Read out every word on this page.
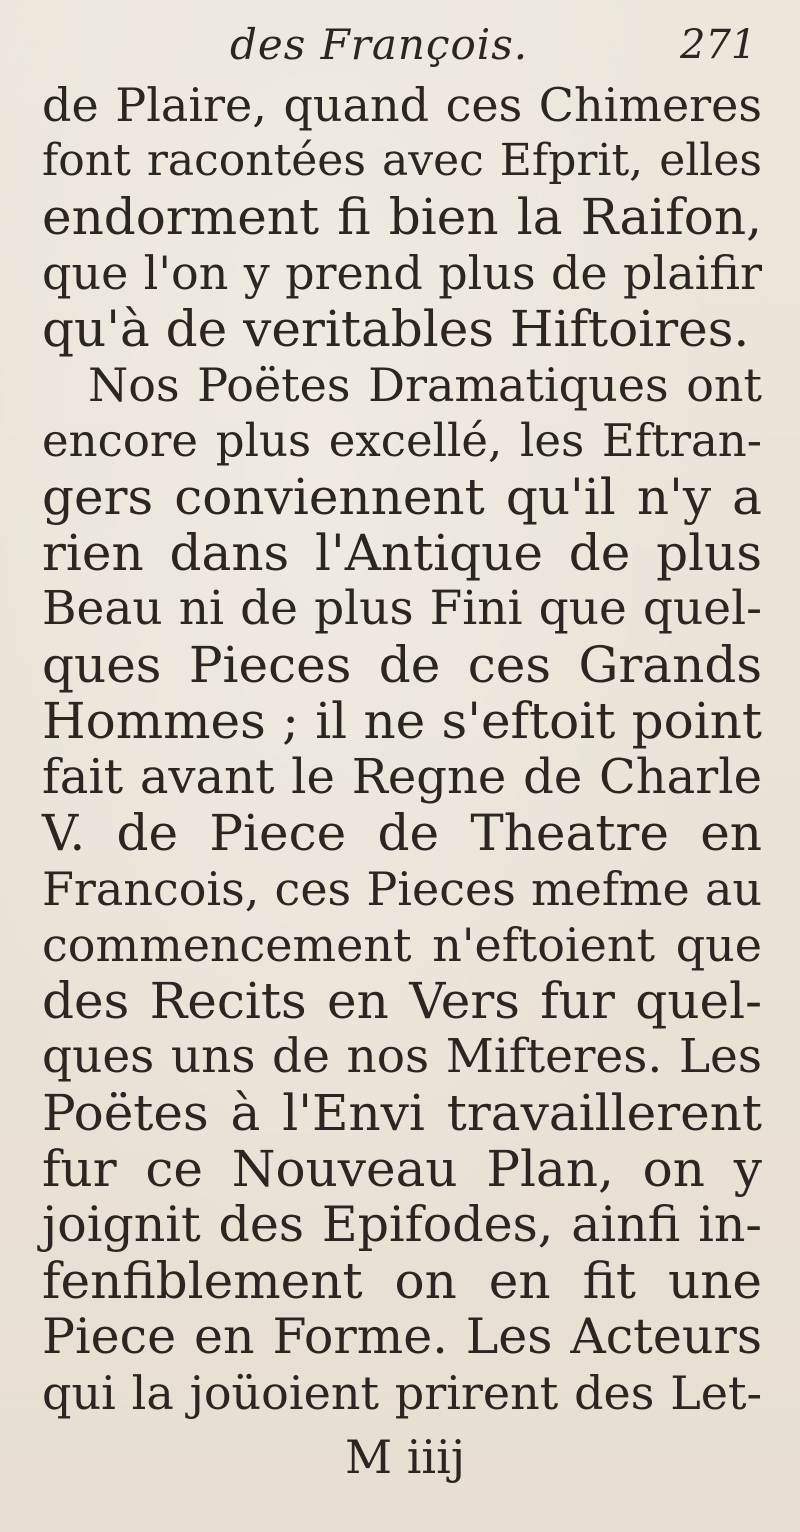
des François.	271
de Plaire, quand ces Chimeres
font racontées avec Efprit, elles
endorment fi bien la Raifon,
que l'on y prend plus de plaifir
qu'à de veritables Hiftoires.
Nos Poëtes Dramatiques ont
encore plus excellé, les Eftran-
gers conviennent qu'il n'y a
rien dans l'Antique de plus
Beau ni de plus Fini que quel-
ques Pieces de ces Grands
Hommes ; il ne s'eftoit point
fait avant le Regne de Charle
V. de Piece de Theatre en
Francois, ces Pieces mefme au
commencement n'eftoient que
des Recits en Vers fur quel-
ques uns de nos Mifteres. Les
Poëtes à l'Envi travaillerent
fur ce Nouveau Plan, on y
joignit des Epifodes, ainfi in-
fenfiblement on en fit une
Piece en Forme. Les Acteurs
qui la joüoient prirent des Let-
M iiij
